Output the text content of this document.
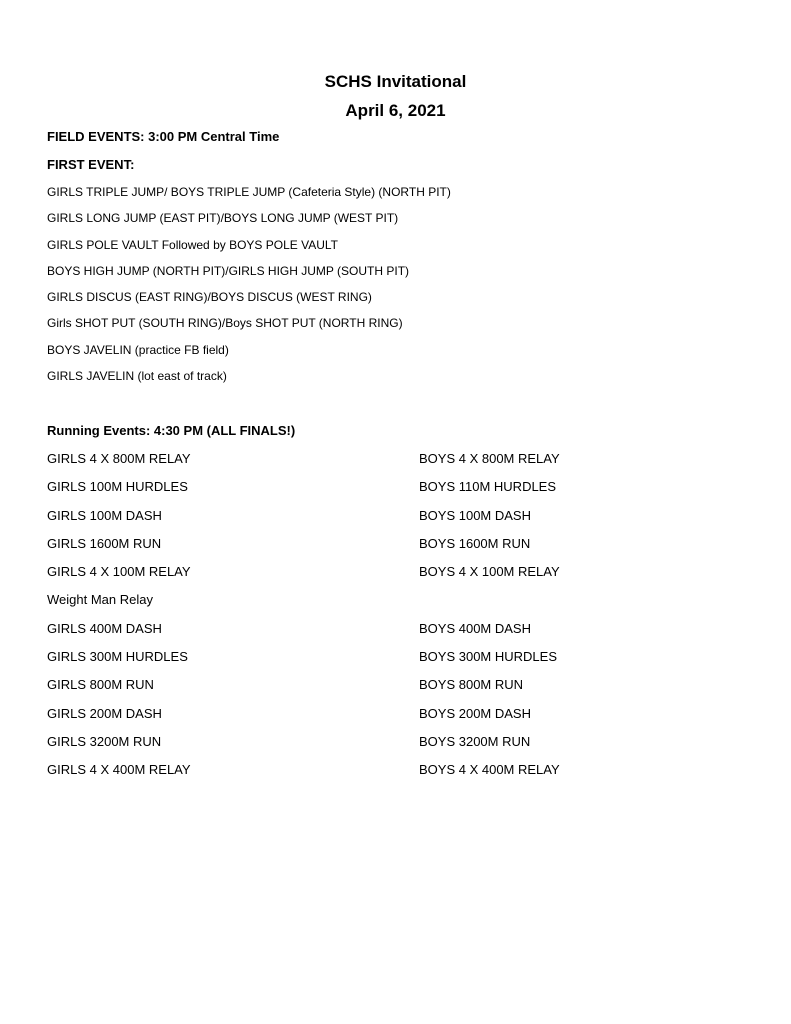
SCHS Invitational
April 6, 2021

FIELD EVENTS: 3:00 PM Central Time

FIRST EVENT:

GIRLS TRIPLE JUMP/ BOYS TRIPLE JUMP (Cafeteria Style) (NORTH PIT)
GIRLS LONG JUMP (EAST PIT)/BOYS LONG JUMP (WEST PIT)
GIRLS POLE VAULT Followed by BOYS POLE VAULT
BOYS HIGH JUMP (NORTH PIT)/GIRLS HIGH JUMP (SOUTH PIT)
GIRLS DISCUS (EAST RING)/BOYS DISCUS (WEST RING)
Girls SHOT PUT (SOUTH RING)/Boys SHOT PUT (NORTH RING)
BOYS JAVELIN (practice FB field)
GIRLS JAVELIN (lot east of track)

Running Events: 4:30 PM (ALL FINALS!)

GIRLS 4 X 800M RELAY	BOYS 4 X 800M RELAY
GIRLS 100M HURDLES	BOYS 110M HURDLES
GIRLS 100M DASH	BOYS 100M DASH
GIRLS 1600M RUN	BOYS 1600M RUN
GIRLS 4 X 100M RELAY	BOYS 4 X 100M RELAY
Weight Man Relay
GIRLS 400M DASH	BOYS 400M DASH
GIRLS 300M HURDLES	BOYS 300M HURDLES
GIRLS 800M RUN	BOYS 800M RUN
GIRLS 200M DASH	BOYS 200M DASH
GIRLS 3200M RUN	BOYS 3200M RUN
GIRLS 4 X 400M RELAY	BOYS 4 X 400M RELAY
